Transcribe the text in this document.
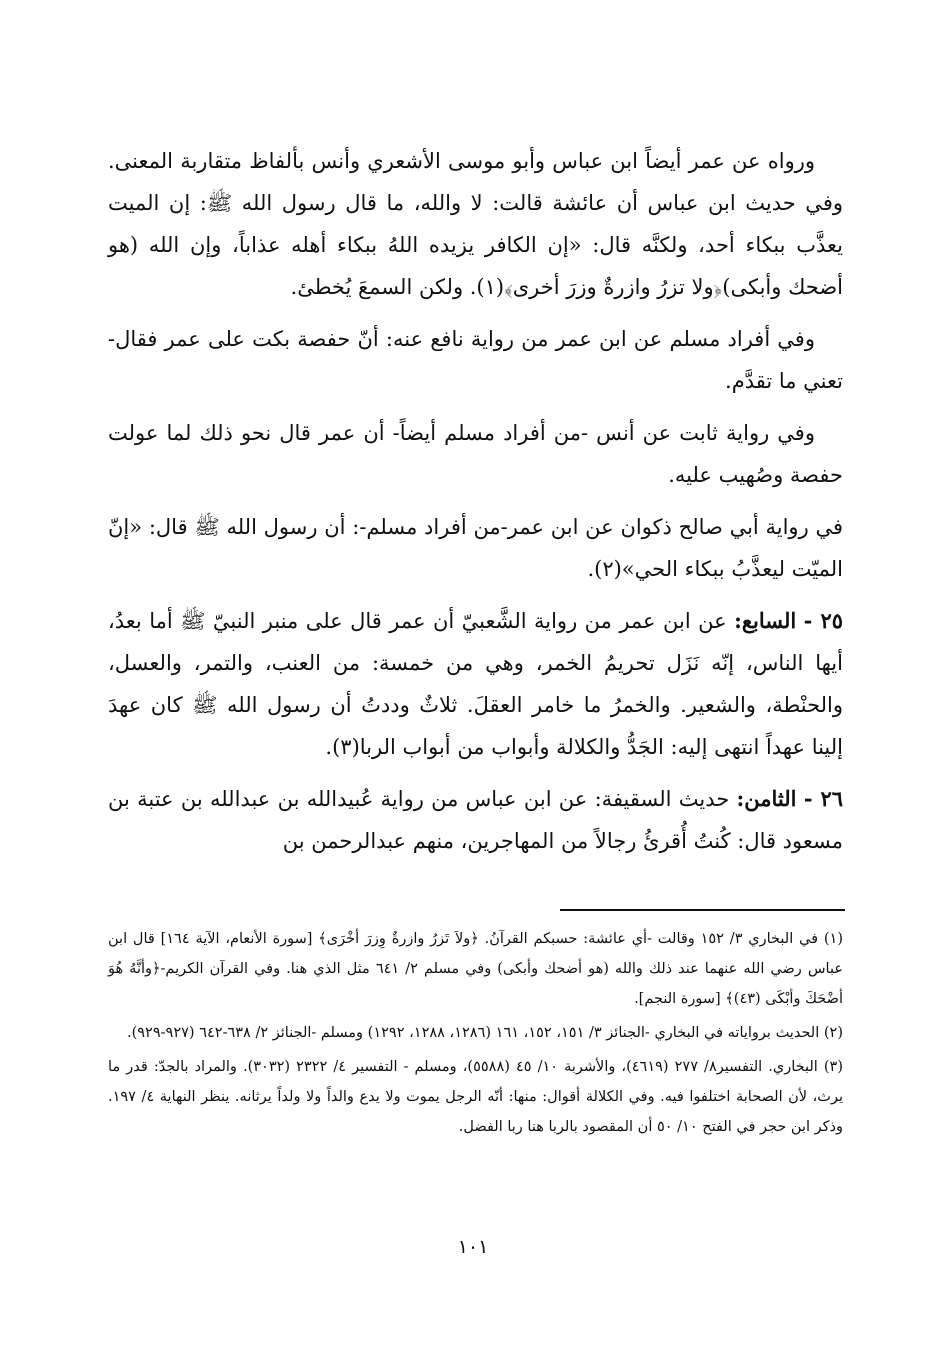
ورواه عن عمر أيضاً ابن عباس وأبو موسى الأشعري وأنس بألفاظ متقاربة المعنى. وفي حديث ابن عباس أن عائشة قالت: لا والله، ما قال رسول الله ﷺ: إن الميت يعذَّب ببكاء أحد، ولكنَّه قال: «إن الكافر يزيده اللهُ ببكاء أهله عذاباً، وإن الله (هو أضحك وأبكى)﴿ولا تزرُ وازرةٌ وزرَ أخرى﴾(١). ولكن السمعَ يُخطئ.

وفي أفراد مسلم عن ابن عمر من رواية نافع عنه: أنّ حفصة بكت على عمر فقال- تعني ما تقدَّم.

وفي رواية ثابت عن أنس -من أفراد مسلم أيضاً- أن عمر قال نحو ذلك لما عولت حفصة وصُهيب عليه.

في رواية أبي صالح ذكوان عن ابن عمر-من أفراد مسلم-: أن رسول الله ﷺ قال: «إنّ الميّت ليعذَّبُ ببكاء الحي»(٢).

٢٥ - السابع: عن ابن عمر من رواية الشَّعبيّ أن عمر قال على منبر النبيّ ﷺ أما بعدُ، أيها الناس، إنّه نَزَل تحريمُ الخمر، وهي من خمسة: من العنب، والتمر، والعسل، والحنْطة، والشعير. والخمرُ ما خامر العقلَ. ثلاثٌ وددتُ أن رسول الله ﷺ كان عهدَ إلينا عهداً انتهى إليه: الجَدُّ والكلالة وأبواب من أبواب الربا(٣).

٢٦ - الثامن: حديث السقيفة: عن ابن عباس من رواية عُبيدالله بن عبدالله بن عتبة بن مسعود قال: كُنتُ أُقرئُ رجالاً من المهاجرين، منهم عبدالرحمن بن

(١) في البخاري ٣/ ١٥٢ وقالت -أي عائشة: حسبكم القرآنُ. ﴿ولاَ تَزرُ وازرةٌ وِزرَ أخْرَى﴾ [سورة الأنعام، الآية ١٦٤] قال ابن عباس رضي الله عنهما عند ذلك والله (هو أضحك وأبكى) وفي مسلم ٢/ ٦٤١ مثل الذي هنا. وفي القرآن الكريم-﴿وأنَّهُ هُوَ أضْحَكَ وأبْكَى (٤٣)﴾ [سورة النجم].

(٢) الحديث برواياته في البخاري -الجنائز ٣/ ١٥١، ١٥٢، ١٦١ (١٢٨٦، ١٢٨٨، ١٢٩٢) ومسلم -الجنائز ٢/ ٦٣٨-٦٤٢ (٩٢٧-٩٢٩).

(٣) البخاري. التفسير٨/ ٢٧٧ (٤٦١٩)، والأشربة ١٠/ ٤٥ (٥٥٨٨)، ومسلم - التفسير ٤/ ٢٣٢٢ (٣٠٣٢). والمراد بالجدّ: قدر ما يرث، لأن الصحابة اختلفوا فيه. وفي الكلالة أقوال: منها: أنّه الرجل يموت ولا يدع والداً ولا ولداً يرثانه. ينظر النهاية ٤/ ١٩٧. وذكر ابن حجر في الفتح ١٠/ ٥٠ أن المقصود بالربا هنا ربا الفضل.

١٠١
